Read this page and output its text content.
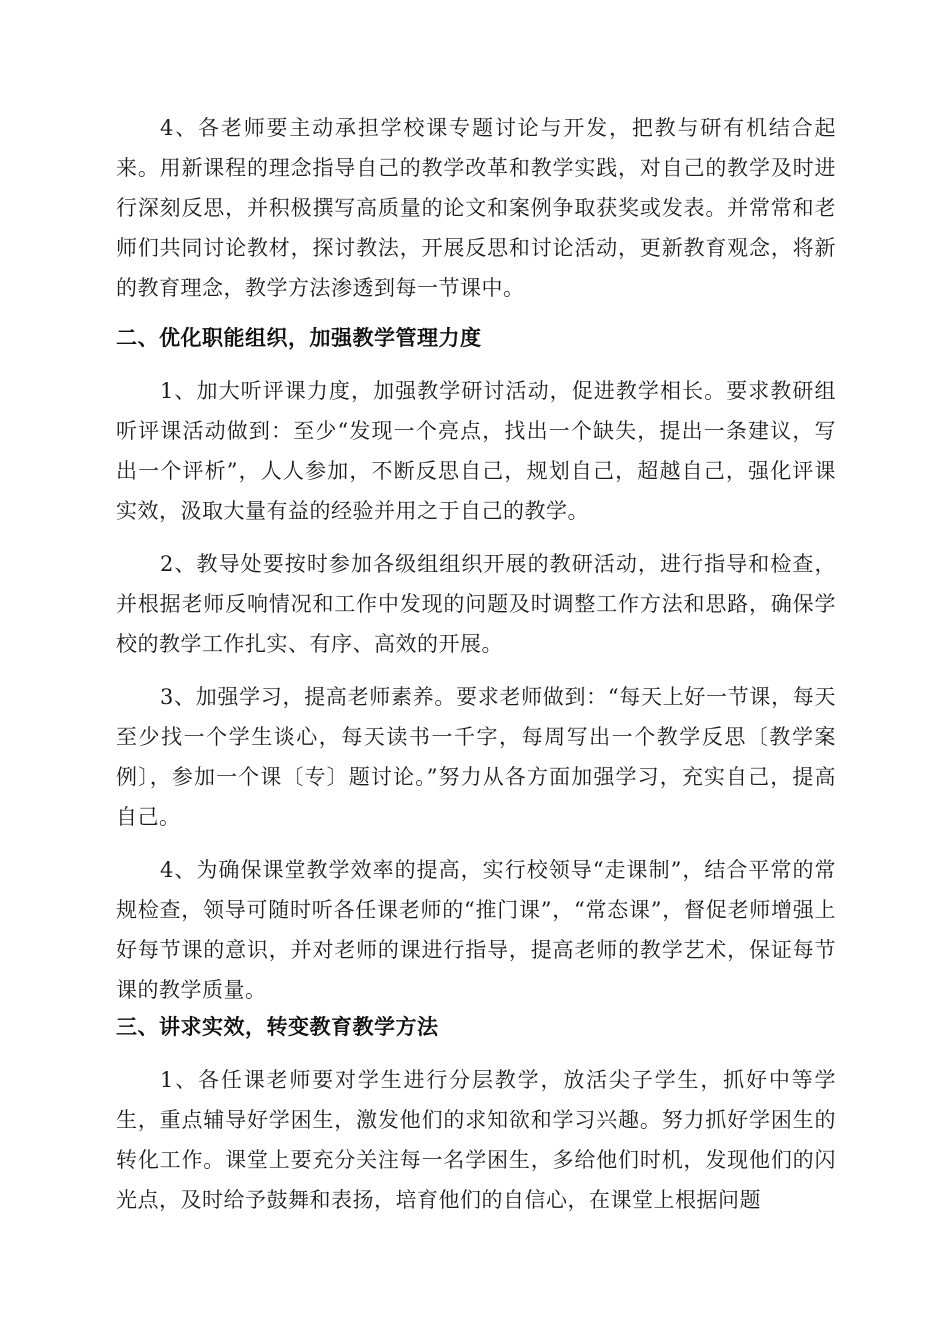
4、各老师要主动承担学校课专题讨论与开发，把教与研有机结合起来。用新课程的理念指导自己的教学改革和教学实践，对自己的教学及时进行深刻反思，并积极撰写高质量的论文和案例争取获奖或发表。并常常和老师们共同讨论教材，探讨教法，开展反思和讨论活动，更新教育观念，将新的教育理念，教学方法渗透到每一节课中。

二、优化职能组织，加强教学管理力度

1、加大听评课力度，加强教学研讨活动，促进教学相长。要求教研组听评课活动做到：至少“发现一个亮点，找出一个缺失，提出一条建议，写出一个评析”，人人参加，不断反思自己，规划自己，超越自己，强化评课实效，汲取大量有益的经验并用之于自己的教学。

2、教导处要按时参加各级组组织开展的教研活动，进行指导和检查，并根据老师反响情况和工作中发现的问题及时调整工作方法和思路，确保学校的教学工作扎实、有序、高效的开展。

3、加强学习，提高老师素养。要求老师做到：“每天上好一节课，每天至少找一个学生谈心，每天读书一千字，每周写出一个教学反思〔教学案例〕，参加一个课〔专〕题讨论。”努力从各方面加强学习，充实自己，提高自己。

4、为确保课堂教学效率的提高，实行校领导“走课制”，结合平常的常规检查，领导可随时听各任课老师的“推门课”，“常态课”，督促老师增强上好每节课的意识，并对老师的课进行指导，提高老师的教学艺术，保证每节课的教学质量。

三、讲求实效，转变教育教学方法

1、各任课老师要对学生进行分层教学，放活尖子学生，抓好中等学生，重点辅导好学困生，激发他们的求知欲和学习兴趣。努力抓好学困生的转化工作。课堂上要充分关注每一名学困生，多给他们时机，发现他们的闪光点，及时给予鼓舞和表扬，培育他们的自信心，在课堂上根据问题
